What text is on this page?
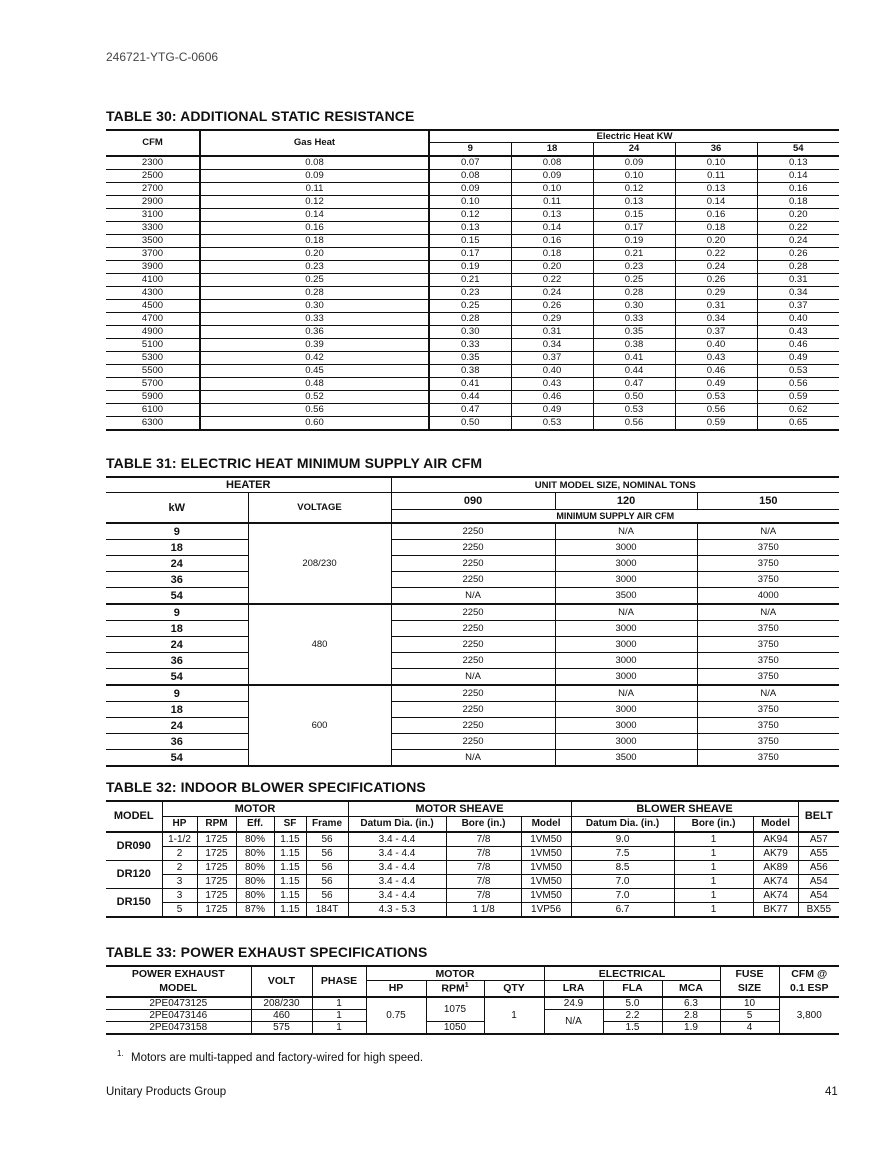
246721-YTG-C-0606
TABLE 30: ADDITIONAL STATIC RESISTANCE
CFM	Gas Heat	Electric Heat KW				
		9	18	24	36	54
2300	0.08	0.07	0.08	0.09	0.10	0.13
2500	0.09	0.08	0.09	0.10	0.11	0.14
2700	0.11	0.09	0.10	0.12	0.13	0.16
2900	0.12	0.10	0.11	0.13	0.14	0.18
3100	0.14	0.12	0.13	0.15	0.16	0.20
3300	0.16	0.13	0.14	0.17	0.18	0.22
3500	0.18	0.15	0.16	0.19	0.20	0.24
3700	0.20	0.17	0.18	0.21	0.22	0.26
3900	0.23	0.19	0.20	0.23	0.24	0.28
4100	0.25	0.21	0.22	0.25	0.26	0.31
4300	0.28	0.23	0.24	0.28	0.29	0.34
4500	0.30	0.25	0.26	0.30	0.31	0.37
4700	0.33	0.28	0.29	0.33	0.34	0.40
4900	0.36	0.30	0.31	0.35	0.37	0.43
5100	0.39	0.33	0.34	0.38	0.40	0.46
5300	0.42	0.35	0.37	0.41	0.43	0.49
5500	0.45	0.38	0.40	0.44	0.46	0.53
5700	0.48	0.41	0.43	0.47	0.49	0.56
5900	0.52	0.44	0.46	0.50	0.53	0.59
6100	0.56	0.47	0.49	0.53	0.56	0.62
6300	0.60	0.50	0.53	0.56	0.59	0.65
TABLE 31: ELECTRIC HEAT MINIMUM SUPPLY AIR CFM
HEATER		UNIT MODEL SIZE, NOMINAL TONS		
kW	VOLTAGE	090	120	150
		MINIMUM SUPPLY AIR CFM		
9	208/230	2250	N/A	N/A
18		2250	3000	3750
24		2250	3000	3750
36		2250	3000	3750
54		N/A	3500	4000
9	480	2250	N/A	N/A
18		2250	3000	3750
24		2250	3000	3750
36		2250	3000	3750
54		N/A	3000	3750
9	600	2250	N/A	N/A
18		2250	3000	3750
24		2250	3000	3750
36		2250	3000	3750
54		N/A	3500	3750
TABLE 32: INDOOR BLOWER SPECIFICATIONS
MODEL	MOTOR					MOTOR SHEAVE			BLOWER SHEAVE			BELT
	HP	RPM	Eff.	SF	Frame	Datum Dia. (in.)	Bore (in.)	Model	Datum Dia. (in.)	Bore (in.)	Model	
DR090	1-1/2	1725	80%	1.15	56	3.4 - 4.4	7/8	1VM50	9.0	1	AK94	A57
	2	1725	80%	1.15	56	3.4 - 4.4	7/8	1VM50	7.5	1	AK79	A55
DR120	2	1725	80%	1.15	56	3.4 - 4.4	7/8	1VM50	8.5	1	AK89	A56
	3	1725	80%	1.15	56	3.4 - 4.4	7/8	1VM50	7.0	1	AK74	A54
DR150	3	1725	80%	1.15	56	3.4 - 4.4	7/8	1VM50	7.0	1	AK74	A54
	5	1725	87%	1.15	184T	4.3 - 5.3	1 1/8	1VP56	6.7	1	BK77	BX55
TABLE 33: POWER EXHAUST SPECIFICATIONS
POWER EXHAUST
MODEL	VOLT	PHASE	MOTOR			ELECTRICAL			FUSE
SIZE	CFM @
0.1 ESP
			HP	RPM$^1$	QTY	LRA	FLA	MCA		
2PE0473125	208/230	1	0.75	1075	1	24.9	5.0	6.3	10	3,800
2PE0473146	460	1				N/A	2.2	2.8	5	
2PE0473158	575	1		1050			1.5	1.9	4	
1. Motors are multi-tapped and factory-wired for high speed.
Unitary Products Group	41
